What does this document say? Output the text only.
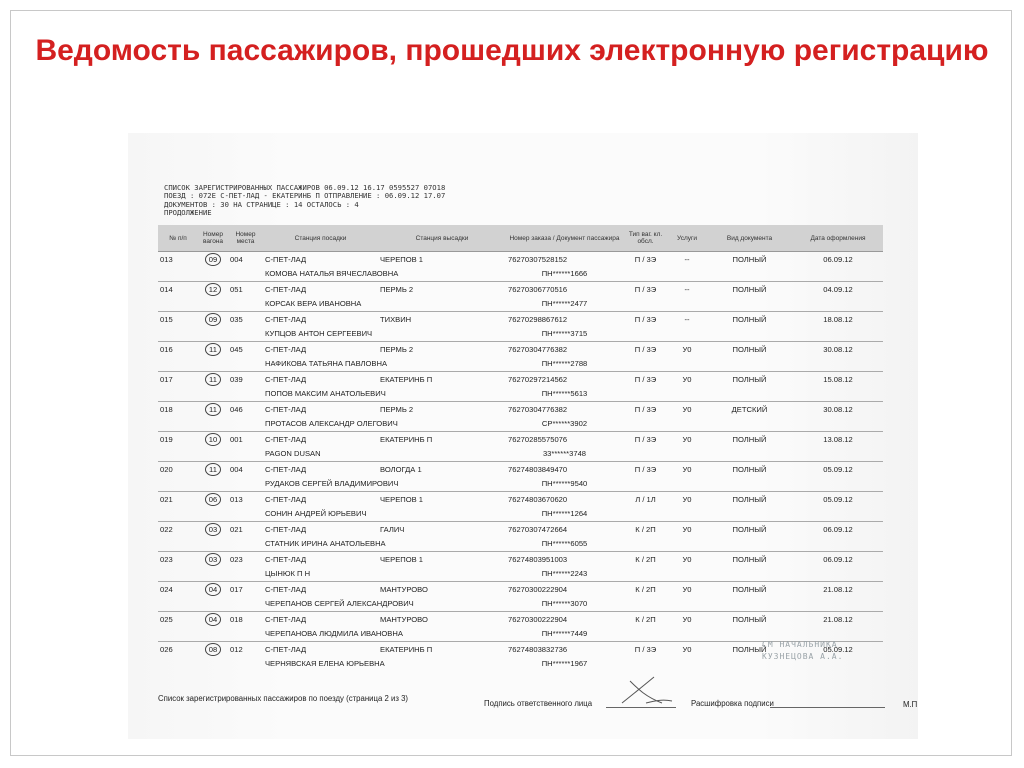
Ведомость пассажиров, прошедших электронную регистрацию
СПИСОК ЗАРЕГИСТРИРОВАННЫХ ПАССАЖИРОВ 06.09.12 16.17 0595527 07О18
ПОЕЗД : 072Е С-ПЕТ-ЛАД - ЕКАТЕРИНБ П ОТПРАВЛЕНИЕ : 06.09.12 17.07
ДОКУМЕНТОВ : 30 НА СТРАНИЦЕ : 14 ОСТАЛОСЬ : 4
ПРОДОЛЖЕНИЕ
№ п/п	Номер вагона	Номер места	Станция посадки	Станция высадки	Номер заказа / Документ пассажира	Тип ваг. кл. обсл.	Услуги	Вид документа	Дата оформления
013	09	004	С-ПЕТ-ЛАД	ЧЕРЕПОВ 1	76270307528152	П / 3Э	--	ПОЛНЫЙ	06.09.12
			КОМОВА НАТАЛЬЯ ВЯЧЕСЛАВОВНА		ПН******1666				
014	12	051	С-ПЕТ-ЛАД	ПЕРМЬ 2	76270306770516	П / 3Э	--	ПОЛНЫЙ	04.09.12
			КОРСАК ВЕРА ИВАНОВНА		ПН******2477				
015	09	035	С-ПЕТ-ЛАД	ТИХВИН	76270298867612	П / 3Э	--	ПОЛНЫЙ	18.08.12
			КУПЦОВ АНТОН СЕРГЕЕВИЧ		ПН******3715				
016	11	045	С-ПЕТ-ЛАД	ПЕРМЬ 2	76270304776382	П / 3Э	У0	ПОЛНЫЙ	30.08.12
			НАФИКОВА ТАТЬЯНА ПАВЛОВНА		ПН******2788				
017	11	039	С-ПЕТ-ЛАД	ЕКАТЕРИНБ П	76270297214562	П / 3Э	У0	ПОЛНЫЙ	15.08.12
			ПОПОВ МАКСИМ АНАТОЛЬЕВИЧ		ПН******5613				
018	11	046	С-ПЕТ-ЛАД	ПЕРМЬ 2	76270304776382	П / 3Э	У0	ДЕТСКИЙ	30.08.12
			ПРОТАСОВ АЛЕКСАНДР ОЛЕГОВИЧ		СР******3902				
019	10	001	С-ПЕТ-ЛАД	ЕКАТЕРИНБ П	76270285575076	П / 3Э	У0	ПОЛНЫЙ	13.08.12
			PAGON DUSAN		33******3748				
020	11	004	С-ПЕТ-ЛАД	ВОЛОГДА 1	76274803849470	П / 3Э	У0	ПОЛНЫЙ	05.09.12
			РУДАКОВ СЕРГЕЙ ВЛАДИМИРОВИЧ		ПН******9540				
021	06	013	С-ПЕТ-ЛАД	ЧЕРЕПОВ 1	76274803670620	Л / 1Л	У0	ПОЛНЫЙ	05.09.12
			СОНИН АНДРЕЙ ЮРЬЕВИЧ		ПН******1264				
022	03	021	С-ПЕТ-ЛАД	ГАЛИЧ	76270307472664	К / 2П	У0	ПОЛНЫЙ	06.09.12
			СТАТНИК ИРИНА АНАТОЛЬЕВНА		ПН******6055				
023	03	023	С-ПЕТ-ЛАД	ЧЕРЕПОВ 1	76274803951003	К / 2П	У0	ПОЛНЫЙ	06.09.12
			ЦЫНЮК П Н		ПН******2243				
024	04	017	С-ПЕТ-ЛАД	МАНТУРОВО	76270300222904	К / 2П	У0	ПОЛНЫЙ	21.08.12
			ЧЕРЕПАНОВ СЕРГЕЙ АЛЕКСАНДРОВИЧ		ПН******3070				
025	04	018	С-ПЕТ-ЛАД	МАНТУРОВО	76270300222904	К / 2П	У0	ПОЛНЫЙ	21.08.12
			ЧЕРЕПАНОВА ЛЮДМИЛА ИВАНОВНА		ПН******7449				
026	08	012	С-ПЕТ-ЛАД	ЕКАТЕРИНБ П	76274803832736	П / 3Э	У0	ПОЛНЫЙ	05.09.12
			ЧЕРНЯВСКАЯ ЕЛЕНА ЮРЬЕВНА		ПН******1967				
СМ НАЧАЛЬНИКА
КУЗНЕЦОВА А.А.
Список зарегистрированных пассажиров по поезду (страница 2 из 3)
Подпись ответственного лица	Расшифровка подписи	М.П
